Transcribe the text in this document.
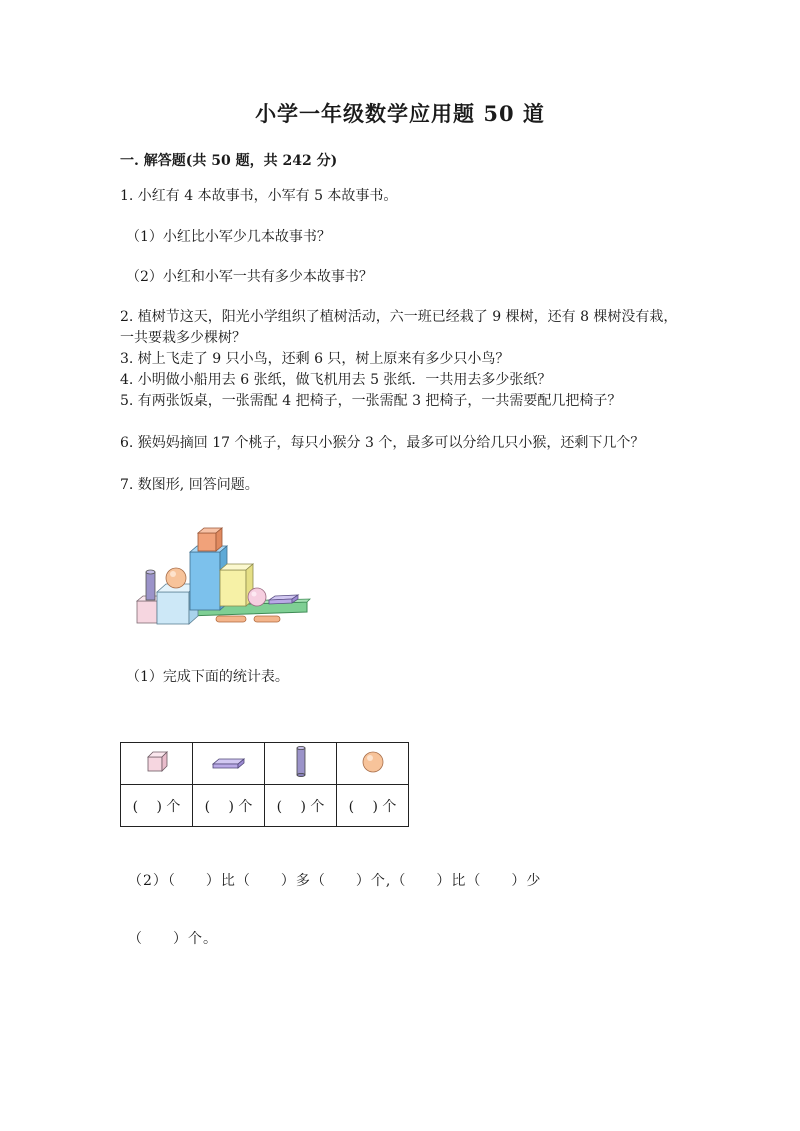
小学一年级数学应用题 50 道
一. 解答题(共 50 题，共 242 分)
1. 小红有 4 本故事书，小军有 5 本故事书。
（1）小红比小军少几本故事书？
（2）小红和小军一共有多少本故事书？
2. 植树节这天，阳光小学组织了植树活动，六一班已经栽了 9 棵树，还有 8 棵树没有栽，一共要栽多少棵树？
3. 树上飞走了 9 只小鸟，还剩 6 只，树上原来有多少只小鸟？
4. 小明做小船用去 6 张纸，做飞机用去 5 张纸．一共用去多少张纸？
5. 有两张饭桌，一张需配 4 把椅子，一张需配 3 把椅子，一共需要配几把椅子？
6. 猴妈妈摘回 17 个桃子，每只小猴分 3 个，最多可以分给几只小猴，还剩下几个？
7. 数图形, 回答问题。
（1）完成下面的统计表。

(　 ) 个	(　 ) 个	(　 ) 个	(　 ) 个
（2）（　　）比（　　）多（　　）个,（　　）比（　　）少
（　　）个。
